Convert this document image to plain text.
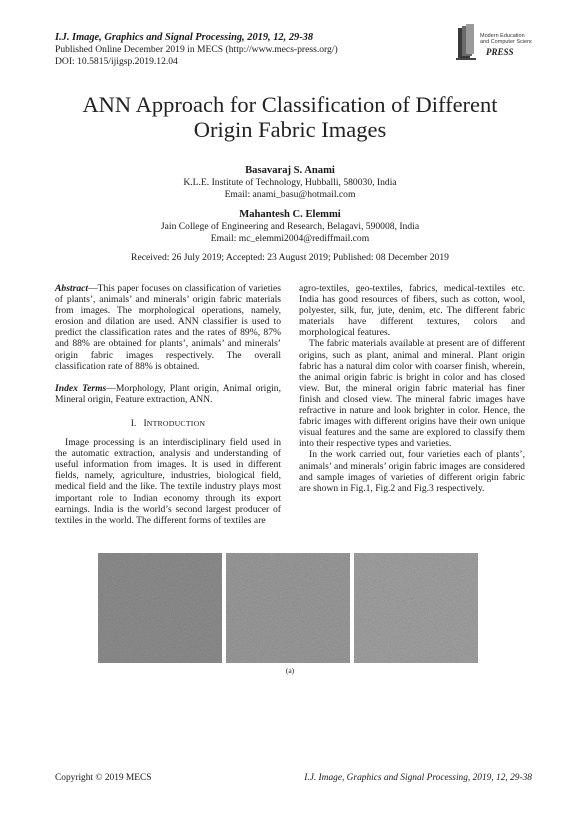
I.J. Image, Graphics and Signal Processing, 2019, 12, 29-38
Published Online December 2019 in MECS (http://www.mecs-press.org/)
DOI: 10.5815/ijigsp.2019.12.04
Modern Education
and Computer Science
PRESS
ANN Approach for Classification of Different
Origin Fabric Images
Basavaraj S. Anami
K.L.E. Institute of Technology, Hubballi, 580030, India
Email: anami_basu@hotmail.com
Mahantesh C. Elemmi
Jain College of Engineering and Research, Belagavi, 590008, India
Email: mc_elemmi2004@rediffmail.com
Received: 26 July 2019; Accepted: 23 August 2019; Published: 08 December 2019

Abstract—This paper focuses on classification of varieties of plants’, animals’ and minerals’ origin fabric materials from images. The morphological operations, namely, erosion and dilation are used. ANN classifier is used to predict the classification rates and the rates of 89%, 87% and 88% are obtained for plants’, animals’ and minerals’ origin fabric images respectively. The overall classification rate of 88% is obtained.

Index Terms—Morphology, Plant origin, Animal origin, Mineral origin, Feature extraction, ANN.

I. INTRODUCTION

Image processing is an interdisciplinary field used in the automatic extraction, analysis and understanding of useful information from images. It is used in different fields, namely, agriculture, industries, biological field, medical field and the like. The textile industry plays most important role to Indian economy through its export earnings. India is the world’s second largest producer of textiles in the world. The different forms of textiles are

agro-textiles, geo-textiles, fabrics, medical-textiles etc. India has good resources of fibers, such as cotton, wool, polyester, silk, fur, jute, denim, etc. The different fabric materials have different textures, colors and morphological features.

The fabric materials available at present are of different origins, such as plant, animal and mineral. Plant origin fabric has a natural dim color with coarser finish, wherein, the animal origin fabric is bright in color and has closed view. But, the mineral origin fabric material has finer finish and closed view. The mineral fabric images have refractive in nature and look brighter in color. Hence, the fabric images with different origins have their own unique visual features and the same are explored to classify them into their respective types and varieties.

In the work carried out, four varieties each of plants’, animals’ and minerals’ origin fabric images are considered and sample images of varieties of different origin fabric are shown in Fig.1, Fig.2 and Fig.3 respectively.

(a)
Copyright © 2019 MECS	I.J. Image, Graphics and Signal Processing, 2019, 12, 29-38
